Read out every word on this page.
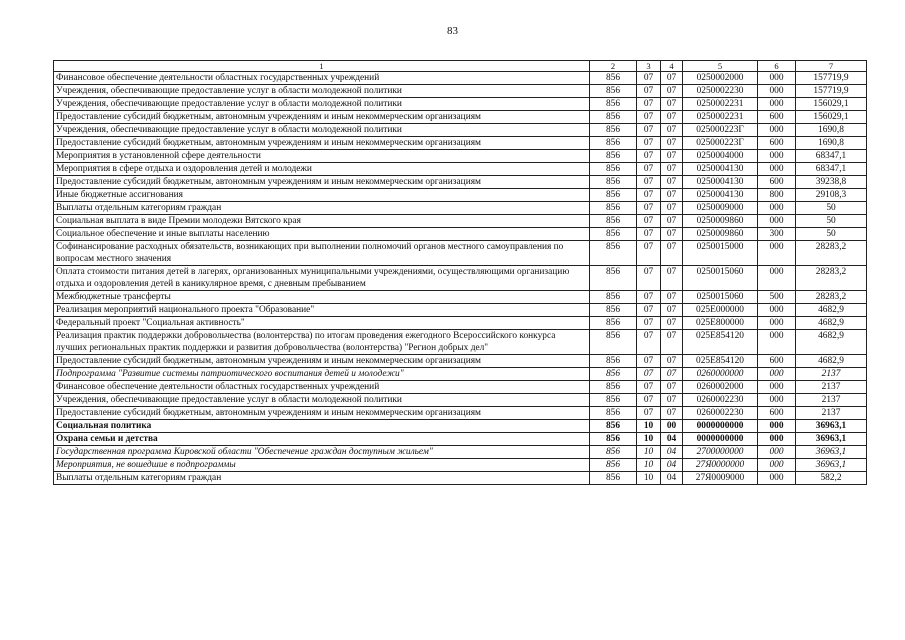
83
1	2	3	4	5	6	7
Финансовое обеспечение деятельности областных государственных учреждений	856	07	07	0250002000	000	157719,9
Учреждения, обеспечивающие предоставление услуг в области молодежной политики	856	07	07	0250002230	000	157719,9
Учреждения, обеспечивающие предоставление услуг в области молодежной политики	856	07	07	0250002231	000	156029,1
Предоставление субсидий бюджетным, автономным учреждениям и иным некоммерческим организациям	856	07	07	0250002231	600	156029,1
Учреждения, обеспечивающие предоставление услуг в области молодежной политики	856	07	07	025000223Г	000	1690,8
Предоставление субсидий бюджетным, автономным учреждениям и иным некоммерческим организациям	856	07	07	025000223Г	600	1690,8
Мероприятия в установленной сфере деятельности	856	07	07	0250004000	000	68347,1
Мероприятия в сфере отдыха и оздоровления детей и молодежи	856	07	07	0250004130	000	68347,1
Предоставление субсидий бюджетным, автономным учреждениям и иным некоммерческим организациям	856	07	07	0250004130	600	39238,8
Иные бюджетные ассигнования	856	07	07	0250004130	800	29108,3
Выплаты отдельным категориям граждан	856	07	07	0250009000	000	50
Социальная выплата в виде Премии молодежи Вятского края	856	07	07	0250009860	000	50
Социальное обеспечение и иные выплаты населению	856	07	07	0250009860	300	50
Софинансирование расходных обязательств, возникающих при выполнении полномочий органов местного самоуправления по вопросам местного значения	856	07	07	0250015000	000	28283,2
Оплата стоимости питания детей в лагерях, организованных муниципальными учреждениями, осуществляющими организацию отдыха и оздоровления детей в каникулярное время, с дневным пребыванием	856	07	07	0250015060	000	28283,2
Межбюджетные трансферты	856	07	07	0250015060	500	28283,2
Реализация мероприятий национального проекта "Образование"	856	07	07	025E000000	000	4682,9
Федеральный проект "Социальная активность"	856	07	07	025E800000	000	4682,9
Реализация практик поддержки добровольчества (волонтерства) по итогам проведения ежегодного Всероссийского конкурса лучших региональных практик поддержки и развития добровольчества (волонтерства) "Регион добрых дел"	856	07	07	025E854120	000	4682,9
Предоставление субсидий бюджетным, автономным учреждениям и иным некоммерческим организациям	856	07	07	025E854120	600	4682,9
Подпрограмма "Развитие системы патриотического воспитания детей и молодежи"	856	07	07	0260000000	000	2137
Финансовое обеспечение деятельности областных государственных учреждений	856	07	07	0260002000	000	2137
Учреждения, обеспечивающие предоставление услуг в области молодежной политики	856	07	07	0260002230	000	2137
Предоставление субсидий бюджетным, автономным учреждениям и иным некоммерческим организациям	856	07	07	0260002230	600	2137
Социальная политика	856	10	00	0000000000	000	36963,1
Охрана семьи и детства	856	10	04	0000000000	000	36963,1
Государственная программа Кировской области "Обеспечение граждан доступным жильем"	856	10	04	2700000000	000	36963,1
Мероприятия, не вошедшие в подпрограммы	856	10	04	27Я0000000	000	36963,1
Выплаты отдельным категориям граждан	856	10	04	27Я0009000	000	582,2
